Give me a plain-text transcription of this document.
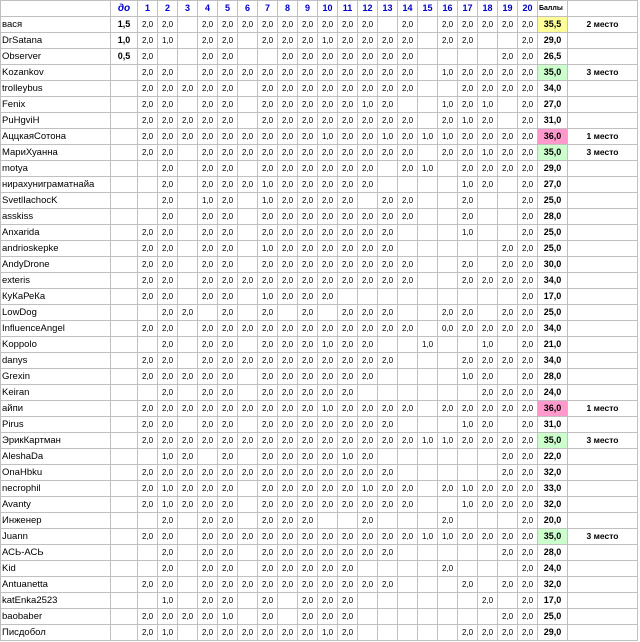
	до	1	2	3	4	5	6	7	8	9	10	11	12	13	14	15	16	17	18	19	20	Баллы	
вася	1,5	2,0	2,0		2,0	2,0	2,0	2,0	2,0	2,0	2,0	2,0	2,0		2,0		2,0	2,0	2,0	2,0	2,0	35,5	2 место
DrSatana	1,0	2,0	1,0		2,0	2,0		2,0	2,0	2,0	1,0	2,0	2,0	2,0	2,0		2,0	2,0			2,0	29,0	
Observer	0,5	2,0			2,0	2,0			2,0	2,0	2,0	2,0	2,0	2,0	2,0					2,0	2,0	26,5	
Kozankov		2,0	2,0		2,0	2,0	2,0	2,0	2,0	2,0	2,0	2,0	2,0	2,0	2,0		1,0	2,0	2,0	2,0	2,0	35,0	3 место
trolleybus		2,0	2,0	2,0	2,0	2,0		2,0	2,0	2,0	2,0	2,0	2,0	2,0	2,0			2,0	2,0	2,0	2,0	34,0	
Fenix		2,0	2,0		2,0	2,0		2,0	2,0	2,0	2,0	2,0	1,0	2,0			1,0	2,0	1,0		2,0	27,0	
PuHgviH		2,0	2,0	2,0	2,0	2,0		2,0	2,0	2,0	2,0	2,0	2,0	2,0	2,0		2,0	1,0	2,0		2,0	31,0	
АццкаяСотона		2,0	2,0	2,0	2,0	2,0	2,0	2,0	2,0	2,0	1,0	2,0	2,0	1,0	2,0	1,0	1,0	2,0	2,0	2,0	2,0	36,0	1 место
МариХуанна		2,0	2,0		2,0	2,0	2,0	2,0	2,0	2,0	2,0	2,0	2,0	2,0	2,0		2,0	2,0	1,0	2,0	2,0	35,0	3 место
motya			2,0		2,0	2,0		2,0	2,0	2,0	2,0	2,0	2,0		2,0	1,0		2,0	2,0	2,0	2,0	29,0	
нирахунигpаматнайа			2,0		2,0	2,0	2,0	1,0	2,0	2,0	2,0	2,0	2,0					1,0	2,0		2,0	27,0	
SvetlIachocK			2,0		1,0	2,0		1,0	2,0	2,0	2,0	2,0		2,0	2,0			2,0			2,0	25,0	
asskiss			2,0		2,0	2,0		2,0	2,0	2,0	2,0	2,0	2,0	2,0	2,0			2,0			2,0	28,0	
Anxarida		2,0	2,0		2,0	2,0		2,0	2,0	2,0	2,0	2,0	2,0	2,0				1,0			2,0	25,0	
andrioskepke		2,0	2,0		2,0	2,0		1,0	2,0	2,0	2,0	2,0	2,0	2,0						2,0	2,0	25,0	
AndyDrone		2,0	2,0		2,0	2,0		2,0	2,0	2,0	2,0	2,0	2,0	2,0	2,0			2,0		2,0	2,0	30,0	
exteris		2,0	2,0		2,0	2,0	2,0	2,0	2,0	2,0	2,0	2,0	2,0	2,0	2,0			2,0	2,0	2,0	2,0	34,0	
КуКаРеКа		2,0	2,0		2,0	2,0		1,0	2,0	2,0	2,0										2,0	17,0	
LowDog			2,0	2,0		2,0		2,0		2,0		2,0	2,0	2,0			2,0	2,0		2,0	2,0	25,0	
InfluenceAngel		2,0	2,0		2,0	2,0	2,0	2,0	2,0	2,0	2,0	2,0	2,0	2,0	2,0		0,0	2,0	2,0	2,0	2,0	34,0	
Koppolo			2,0		2,0	2,0		2,0	2,0	2,0	1,0	2,0	2,0			1,0			1,0		2,0	21,0	
danys		2,0	2,0		2,0	2,0	2,0	2,0	2,0	2,0	2,0	2,0	2,0	2,0				2,0	2,0	2,0	2,0	34,0	
Grexin		2,0	2,0	2,0	2,0	2,0		2,0	2,0	2,0	2,0	2,0	2,0					1,0	2,0		2,0	28,0	
Keiran			2,0		2,0	2,0		2,0	2,0	2,0	2,0	2,0							2,0	2,0	2,0	24,0	
айпи		2,0	2,0	2,0	2,0	2,0	2,0	2,0	2,0	2,0	1,0	2,0	2,0	2,0	2,0		2,0	2,0	2,0	2,0	2,0	36,0	1 место
Pirus		2,0	2,0		2,0	2,0		2,0	2,0	2,0	2,0	2,0	2,0	2,0				1,0	2,0		2,0	31,0	
ЭрикКартман		2,0	2,0	2,0	2,0	2,0	2,0	2,0	2,0	2,0	2,0	2,0	2,0	2,0	2,0	1,0	1,0	2,0	2,0	2,0	2,0	35,0	3 место
AleshaDa			1,0	2,0		2,0		2,0	2,0	2,0	2,0	1,0	2,0							2,0	2,0	22,0	
OnaHbku		2,0	2,0	2,0	2,0	2,0	2,0	2,0	2,0	2,0	2,0	2,0	2,0	2,0						2,0	2,0	32,0	
necrophil		2,0	1,0	2,0	2,0	2,0		2,0	2,0	2,0	2,0	2,0	1,0	2,0	2,0		2,0	1,0	2,0	2,0	2,0	33,0	
Avanty		2,0	1,0	2,0	2,0	2,0		2,0	2,0	2,0	2,0	2,0	2,0	2,0	2,0			1,0	2,0	2,0	2,0	32,0	
Инженер			2,0		2,0	2,0		2,0	2,0	2,0			2,0				2,0				2,0	20,0	
Juann		2,0	2,0		2,0	2,0	2,0	2,0	2,0	2,0	2,0	2,0	2,0	2,0	2,0	1,0	1,0	2,0	2,0	2,0	2,0	35,0	3 место
АСЬ-АСЬ			2,0		2,0	2,0		2,0	2,0	2,0	2,0	2,0	2,0	2,0						2,0	2,0	28,0	
Kid			2,0		2,0	2,0		2,0	2,0	2,0	2,0	2,0					2,0				2,0	24,0	
Antuanetta		2,0	2,0		2,0	2,0	2,0	2,0	2,0	2,0	2,0	2,0	2,0	2,0				2,0		2,0	2,0	32,0	
katEnka2523			1,0		2,0	2,0		2,0		2,0	2,0	2,0							2,0		2,0	17,0	
baobaber		2,0	2,0	2,0	2,0	1,0		2,0		2,0	2,0	2,0								2,0	2,0	25,0	
Писдобол		2,0	1,0		2,0	2,0	2,0	2,0	2,0	2,0	1,0	2,0						2,0	2,0	2,0	2,0	29,0	
